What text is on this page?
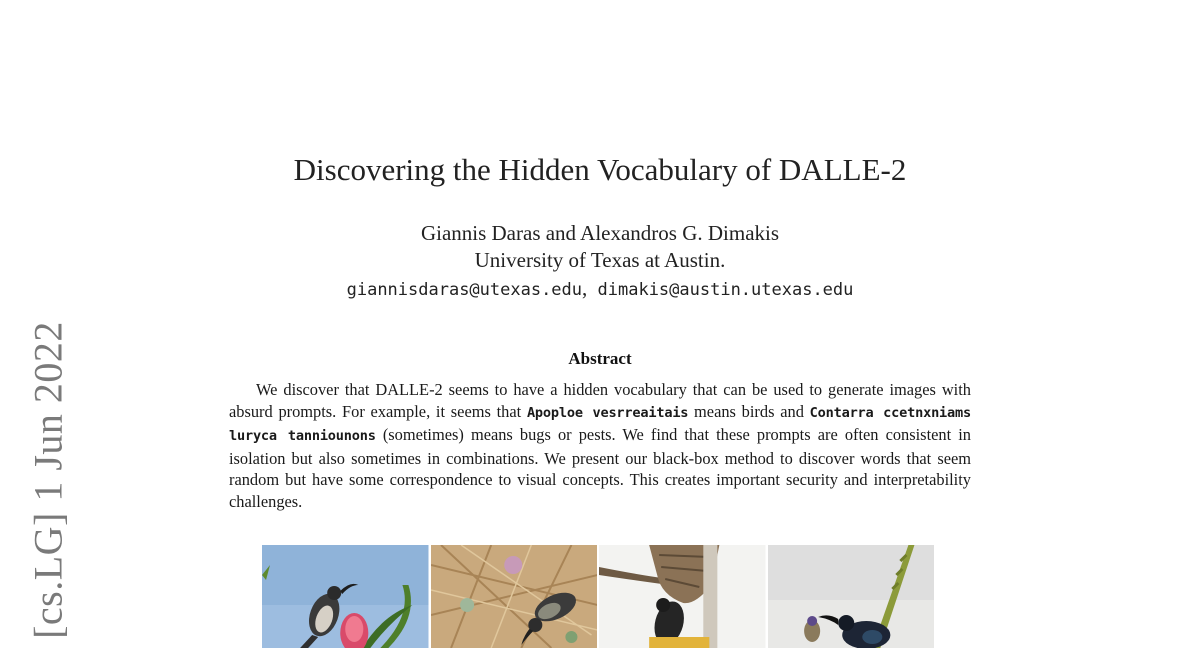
[cs.LG] 1 Jun 2022
Discovering the Hidden Vocabulary of DALLE-2
Giannis Daras and Alexandros G. Dimakis
University of Texas at Austin.
giannisdaras@utexas.edu, dimakis@austin.utexas.edu
Abstract

We discover that DALLE-2 seems to have a hidden vocabulary that can be used to generate images with absurd prompts. For example, it seems that Apoploe vesrreaitais means birds and Contarra ccetnxniams luryca tanniounons (sometimes) means bugs or pests. We find that these prompts are often consistent in isolation but also sometimes in combinations. We present our black-box method to discover words that seem random but have some correspondence to visual concepts. This creates important security and interpretability challenges.
